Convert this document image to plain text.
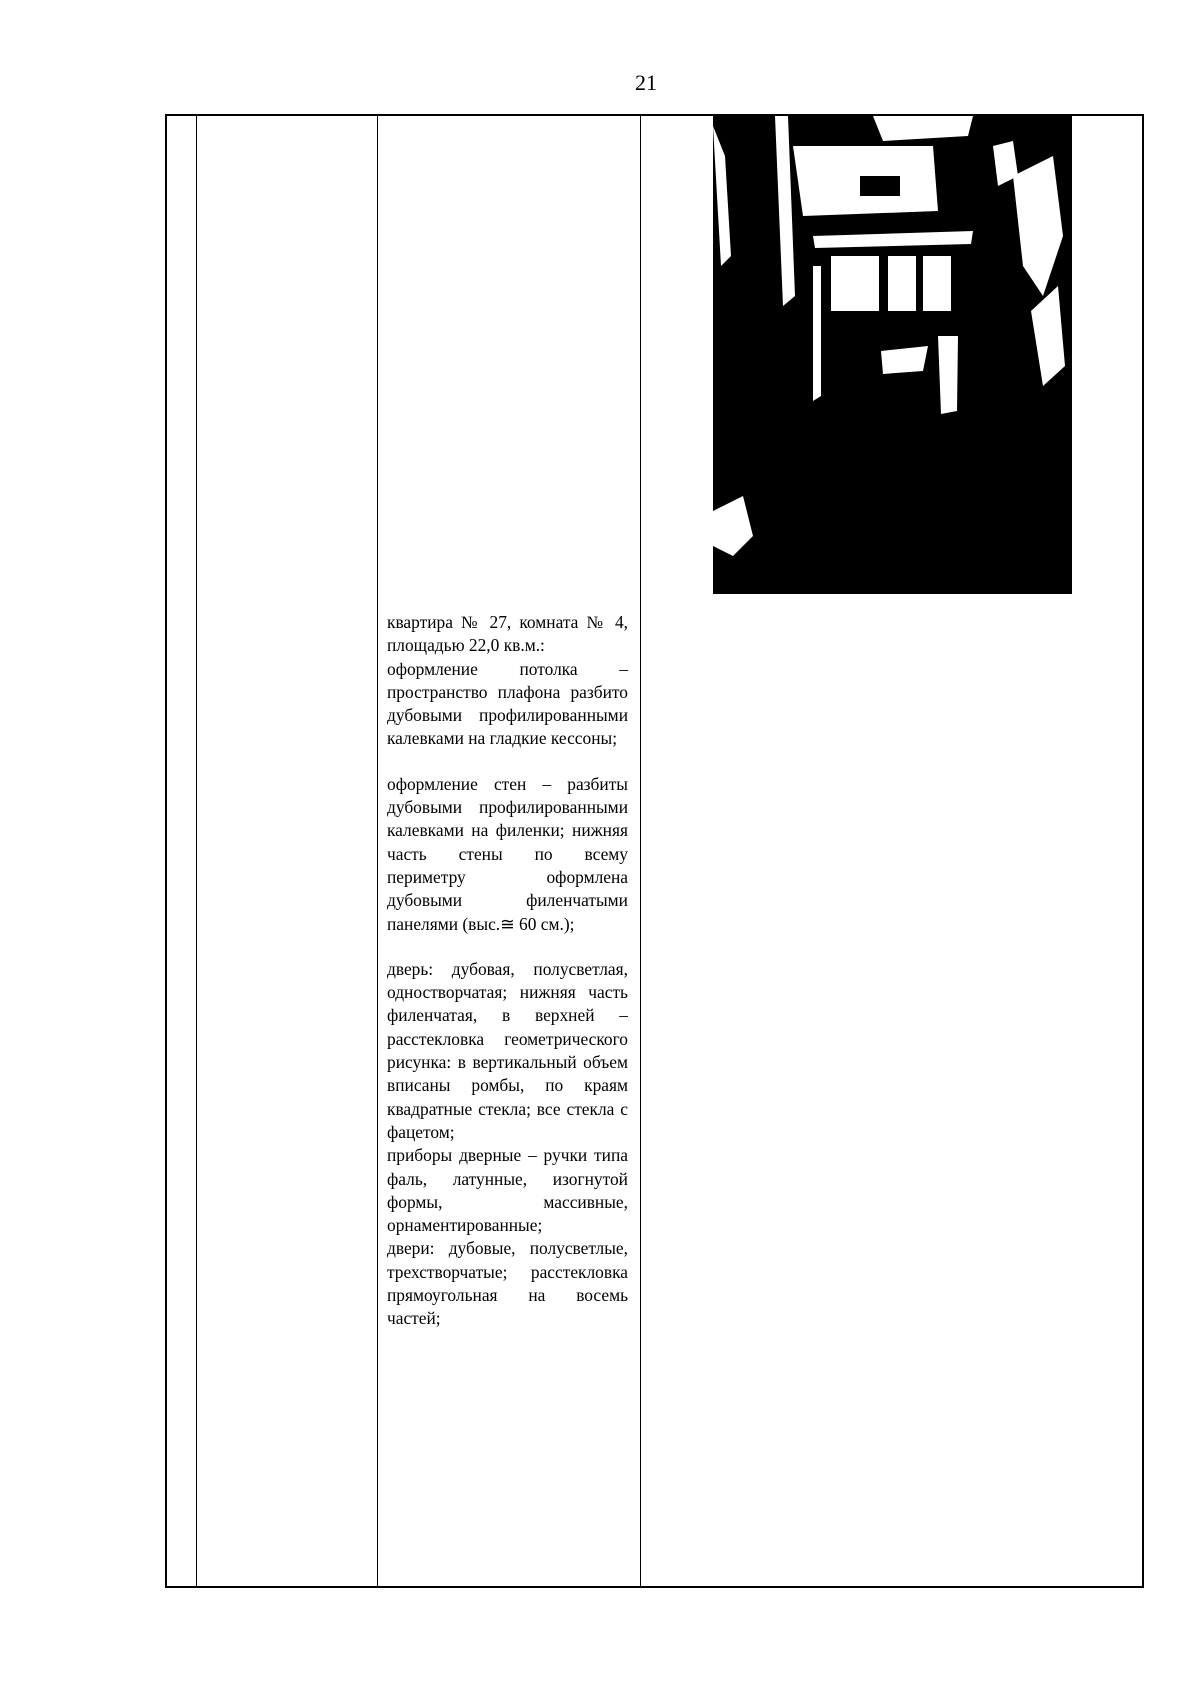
21

квартира № 27, комната № 4, площадью 22,0 кв.м.:

оформление потолка – пространство плафона разбито дубовыми профилированными калевками на гладкие кессоны;

оформление стен – разбиты дубовыми профилированными калевками на филенки; нижняя часть стены по всему периметру оформлена дубовыми филенчатыми панелями (выс.≅ 60 см.);

дверь: дубовая, полусветлая, одностворчатая; нижняя часть филенчатая, в верхней – расстекловка геометрического рисунка: в вертикальный объем вписаны ромбы, по краям квадратные стекла; все стекла с фацетом;

приборы дверные – ручки типа фаль, латунные, изогнутой формы, массивные, орнаментированные;

двери: дубовые, полусветлые, трехстворчатые; расстекловка прямоугольная на восемь частей;
